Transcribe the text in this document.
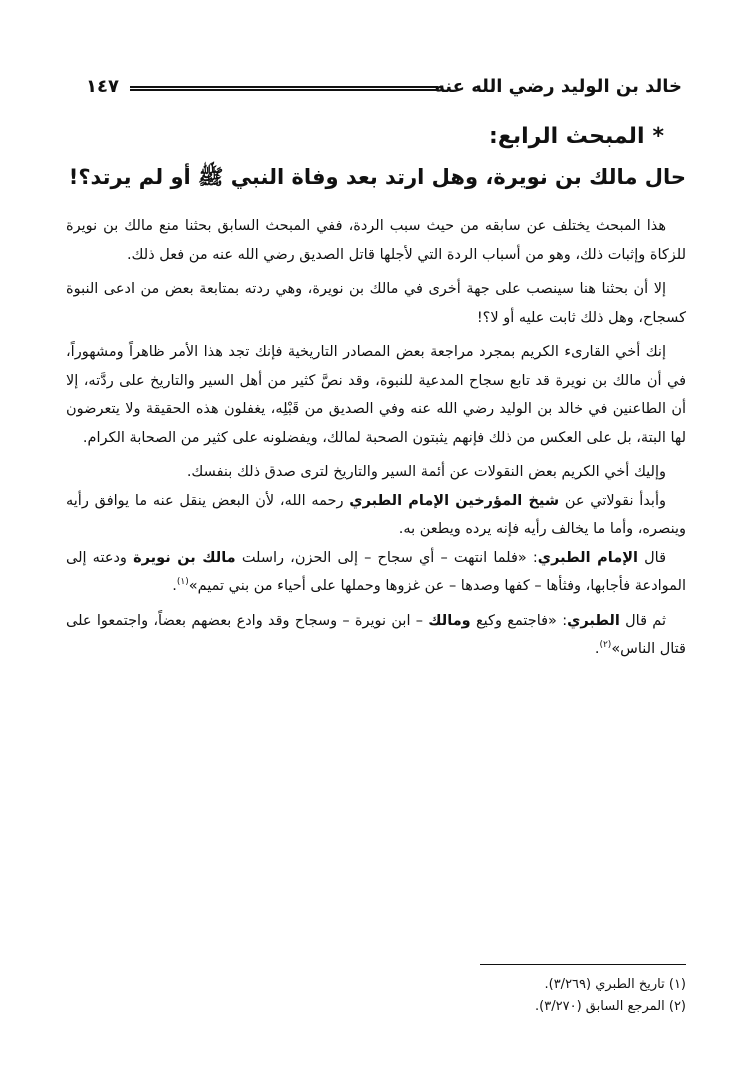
خالد بن الوليد رضي الله عنه
١٤٧
*المبحث الرابع:
حال مالك بن نويرة، وهل ارتد بعد وفاة النبي ﷺ أو لم يرتد؟!

هذا المبحث يختلف عن سابقه من حيث سبب الردة، ففي المبحث السابق بحثنا منع مالك بن نويرة للزكاة وإثبات ذلك، وهو من أسباب الردة التي لأجلها قاتل الصديق رضي الله عنه من فعل ذلك.

إلا أن بحثنا هنا سينصب على جهة أخرى في مالك بن نويرة، وهي ردته بمتابعة بعض من ادعى النبوة كسجاح، وهل ذلك ثابت عليه أو لا؟!

إنك أخي القارىء الكريم بمجرد مراجعة بعض المصادر التاريخية فإنك تجد هذا الأمر ظاهراً ومشهوراً، في أن مالك بن نويرة قد تابع سجاح المدعية للنبوة، وقد نصَّ كثير من أهل السير والتاريخ على ردَّته، إلا أن الطاعنين في خالد بن الوليد رضي الله عنه وفي الصديق من قَبْلِه، يغفلون هذه الحقيقة ولا يتعرضون لها البتة، بل على العكس من ذلك فإنهم يثبتون الصحبة لمالك، ويفضلونه على كثير من الصحابة الكرام.

وإليك أخي الكريم بعض النقولات عن أئمة السير والتاريخ لترى صدق ذلك بنفسك.

وأبدأ نقولاتي عن شيخ المؤرخين الإمام الطبري رحمه الله، لأن البعض ينقل عنه ما يوافق رأيه وينصره، وأما ما يخالف رأيه فإنه يرده ويطعن به.

قال الإمام الطبري: «فلما انتهت – أي سجاح – إلى الحزن، راسلت مالك بن نويرة ودعته إلى الموادعة فأجابها، وفثأها – كفها وصدها – عن غزوها وحملها على أحياء من بني تميم»$^{(١)}$.

ثم قال الطبري: «فاجتمع وكيع ومالك – ابن نويرة – وسجاح وقد وادع بعضهم بعضاً، واجتمعوا على قتال الناس»$^{(٢)}$.

(١) تاريخ الطبري (٣/٢٦٩).
(٢) المرجع السابق (٣/٢٧٠).
